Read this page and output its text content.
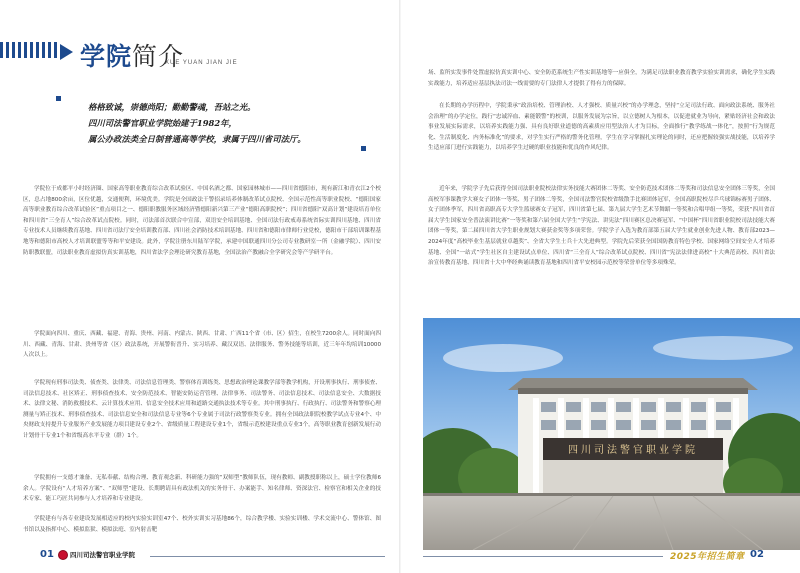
学院简介
XUE YUAN JIAN JIE
格格致诚，崇德尚阳；勤勤警魂，吾站之光。
四川司法警官职业学院始建于1982年，
属公办政法类全日制普通高等学校，隶属于四川省司法厅。

学院位于成都平小时经济圈、国家高等职业教育综合改革试验区、中国名酒之都、国家园林城市——四川省德阳市，现有新江和青衣江2个校区，总占地800余亩，区位优越，交通便利，环境优美。学院是全国政法干警招录培养体制改革试点院校、全国示范性高等职业院校、“德阳国家高等职业教育综合改革试验区”重点项目之一、德阳职教服务区域经济暨德阳新兴第三产业“德阳高职院校”；四川省德阳“双高计划”建设培育单位和四川省“三全育人”综合改革试点院校。同时，司法部首次联合中宣部，双语安全培训基地、全国司法行政戒毒系统省际实训四川基地、四川省专业技术人员继续教育基地、四川省司法厅安全培训教育部、四川社会消防技术培训基地、四川省和德阳市律师行业党校，德阳市干部培训课程基地等和德阳市高校人才培训联盟等等和平安建设。此外，学院注册东川陆军学院，承建中国联通四川分公司专业教研室一所（金融学院）、四川安防职教联盟，司法职业教育虚拟仿真实训基地，四川省法学会理论研究教育基地，全国法治产教融合全学研究会等产学研平台。

学院面向四川、重庆、西藏、福建、青海、贵州、河南、内蒙古、陕西、甘肃、广西11个省（市、区）招生，在校生7200余人。同时面向四川、西藏、青海、甘肃、贵州等省（区）政法系统，开展警衔晋升、实习培养、藏汉双语、法律服务、警务技能等培训，近三年年均培训10000人次以上。

学院现有刑事司法类、侦查类、法律类、司法信息管理类、警察体育训练类、思想政治理论课教学部等教学机构，开设刑事执行、刑事侦查、司法信息技术、社区矫正、刑事侦查技术、安全防范技术、智能安防运营管理、法律事务、司法警务、司法信息技术、司法信息安全、大数据技术、法律文秘、消防救援技术、云计算技术应用、信息安全技术应用和道路交通执法技术等专业。其中刑事执行、行政执行、司法警务和警察心理测量与矫正技术、刑事侦查技术、司法信息安全和司法信息专业等6个专业属于司法行政警察类专业。拥有全国政法职院校教学试点专业4个、中央财政支持提升专业服务产业发展能力项目建设专业2个、省级质量工程建设专业1个，省级示范校建设重点专业3个，高等职业教育创新发展行动计划骨干专业1个和省级高水平专业（群）1个。

学院拥有一支德才兼备、无私奉献、结构合理、教育观念新、科研能力强的“双师型”教师队伍，现有教师、副教授职称以上，硕士学位教师6余人。学院设有“人才培养方案”、“双师型”建设、长期聘请具有政法机关的实务骨干、办案能手、知名律师、资深法官、检察官和相关企业的技术专家、能工巧匠共同参与人才培养和专业建设。

学院建有与各专业建设发展相适应的校内实验实训室47个、校外实训实习基地86个，综合教学楼、实验实训楼、学术交流中心、警体馆、图书馆以及指挥中心、模拟监狱、模拟法庭、室内射击靶

01 四川司法警官职业学院

场、监所实发事件处置虚拟仿真实训中心、安全防范系统生产性实训基地等一应俱全，为满足司法职业教育教学实验实训需求，确化学生实践实战能力，培养适应基层执法司法一线需要的专门法律人才提供了得有力的保障。

在长期的办学历程中，学院秉承“政治培校、管理治校、人才强校、质量兴校”的办学理念，坚持“立足司法行政、面向政法系统、服务社会治理”的办学定位，践行“忠诚淬血、素能锻警”的校训，以服务发展为宗旨，以立德树人为根本，以促进就业为导向，紧贴经济社会和政法事业发展实际需求，以培养实践能力强、具有良好职业道德的高素质应用型法治人才为目标，全面推行“教学练战一体化”，按照“行为规范化、生活制度化、内务标准化”的要求，对学生实行严格的警务化管理，学生在学习掌握扎实理论的同时，还应把握较强实战技能，以培养学生适应部门进行实践能力，以培养学生过硬的职业技能和优良的作风纪律。

近年来，学院学子先后获得全国司法职业院校法律实务技能大赛团体二等奖、安全防范技术团体二等奖和司法信息安全团体三等奖，全国高校军事课教学大赛女子团体一等奖、男子团体二等奖，全国司法警官院校省级散手比赛团体冠军，全国高职院校尽乒乓球锦标赛男子团体、女子团体季军，四川省高职高专大学生篮球赛女子冠军，四川省第七届、第九届大学生艺术节舞蹈一等奖和合唱甲组一等奖，荣获“四川省首届大学生国家安全普法演讲比赛”一等奖和第六届全国大学生“学宪法、讲宪法”四川赛区总决赛冠军、“中国杯”四川省职业院校司法技能大赛团体一等奖，第二届四川省大学生职业规划大赛获金奖等多项荣誉。学院学子入选为教育部第五届大学生就业创业先进人物、教育部2023—2024年度“高校毕业生基层就业卓越奖”、全省大学生士兵十大先进典型。学院先后荣获全国国防教育特色学校、国家网络空间安全人才培养基地、全国“一站式”学生社区自主建设试点单位、四川省“三全育人”综合改革试点院校、四川省“宪法法律进高校”十大典范高校、四川省法治宣传教育基地、四川省十大中华经典诵读教育基地和四川省平安校园示范校等荣誉单位等多项殊荣。

四川司法警官职业学院
2025年招生简章 02
